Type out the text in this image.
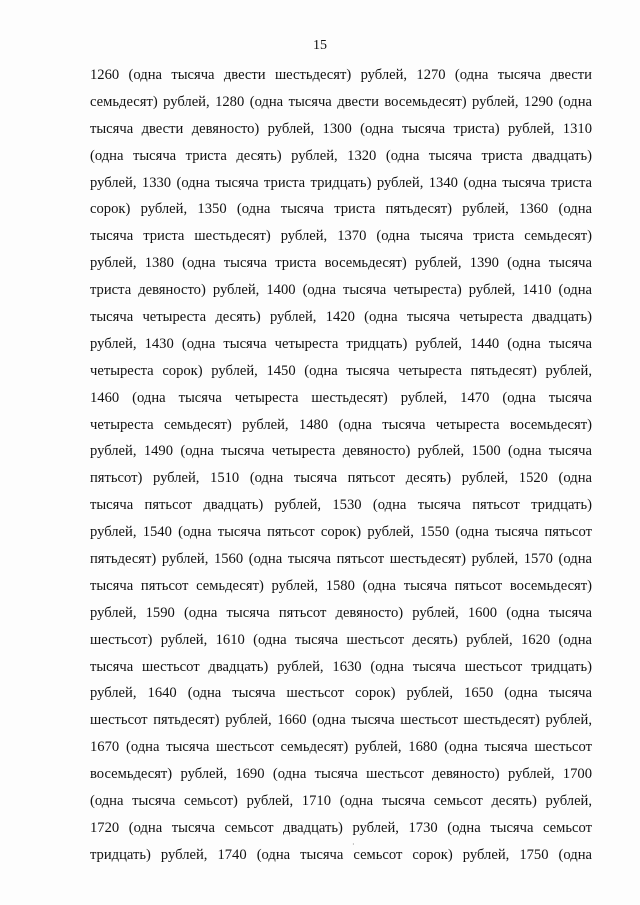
15
1260 (одна тысяча двести шестьдесят) рублей, 1270 (одна тысяча двести
семьдесят) рублей, 1280 (одна тысяча двести восемьдесят) рублей, 1290 (одна
тысяча двести девяносто) рублей, 1300 (одна тысяча триста) рублей, 1310
(одна тысяча триста десять) рублей, 1320 (одна тысяча триста двадцать)
рублей, 1330 (одна тысяча триста тридцать) рублей, 1340 (одна тысяча триста
сорок) рублей, 1350 (одна тысяча триста пятьдесят) рублей, 1360 (одна
тысяча триста шестьдесят) рублей, 1370 (одна тысяча триста семьдесят)
рублей, 1380 (одна тысяча триста восемьдесят) рублей, 1390 (одна тысяча
триста девяносто) рублей, 1400 (одна тысяча четыреста) рублей, 1410 (одна
тысяча четыреста десять) рублей, 1420 (одна тысяча четыреста двадцать)
рублей, 1430 (одна тысяча четыреста тридцать) рублей, 1440 (одна тысяча
четыреста сорок) рублей, 1450 (одна тысяча четыреста пятьдесят) рублей,
1460 (одна тысяча четыреста шестьдесят) рублей, 1470 (одна тысяча
четыреста семьдесят) рублей, 1480 (одна тысяча четыреста восемьдесят)
рублей, 1490 (одна тысяча четыреста девяносто) рублей, 1500 (одна тысяча
пятьсот) рублей, 1510 (одна тысяча пятьсот десять) рублей, 1520 (одна
тысяча пятьсот двадцать) рублей, 1530 (одна тысяча пятьсот тридцать)
рублей, 1540 (одна тысяча пятьсот сорок) рублей, 1550 (одна тысяча пятьсот
пятьдесят) рублей, 1560 (одна тысяча пятьсот шестьдесят) рублей, 1570 (одна
тысяча пятьсот семьдесят) рублей, 1580 (одна тысяча пятьсот восемьдесят)
рублей, 1590 (одна тысяча пятьсот девяносто) рублей, 1600 (одна тысяча
шестьсот) рублей, 1610 (одна тысяча шестьсот десять) рублей, 1620 (одна
тысяча шестьсот двадцать) рублей, 1630 (одна тысяча шестьсот тридцать)
рублей, 1640 (одна тысяча шестьсот сорок) рублей, 1650 (одна тысяча
шестьсот пятьдесят) рублей, 1660 (одна тысяча шестьсот шестьдесят) рублей,
1670 (одна тысяча шестьсот семьдесят) рублей, 1680 (одна тысяча шестьсот
восемьдесят) рублей, 1690 (одна тысяча шестьсот девяносто) рублей, 1700
(одна тысяча семьсот) рублей, 1710 (одна тысяча семьсот десять) рублей,
1720 (одна тысяча семьсот двадцать) рублей, 1730 (одна тысяча семьсот
тридцать) рублей, 1740 (одна тысяча семьсот сорок) рублей, 1750 (одна
·
